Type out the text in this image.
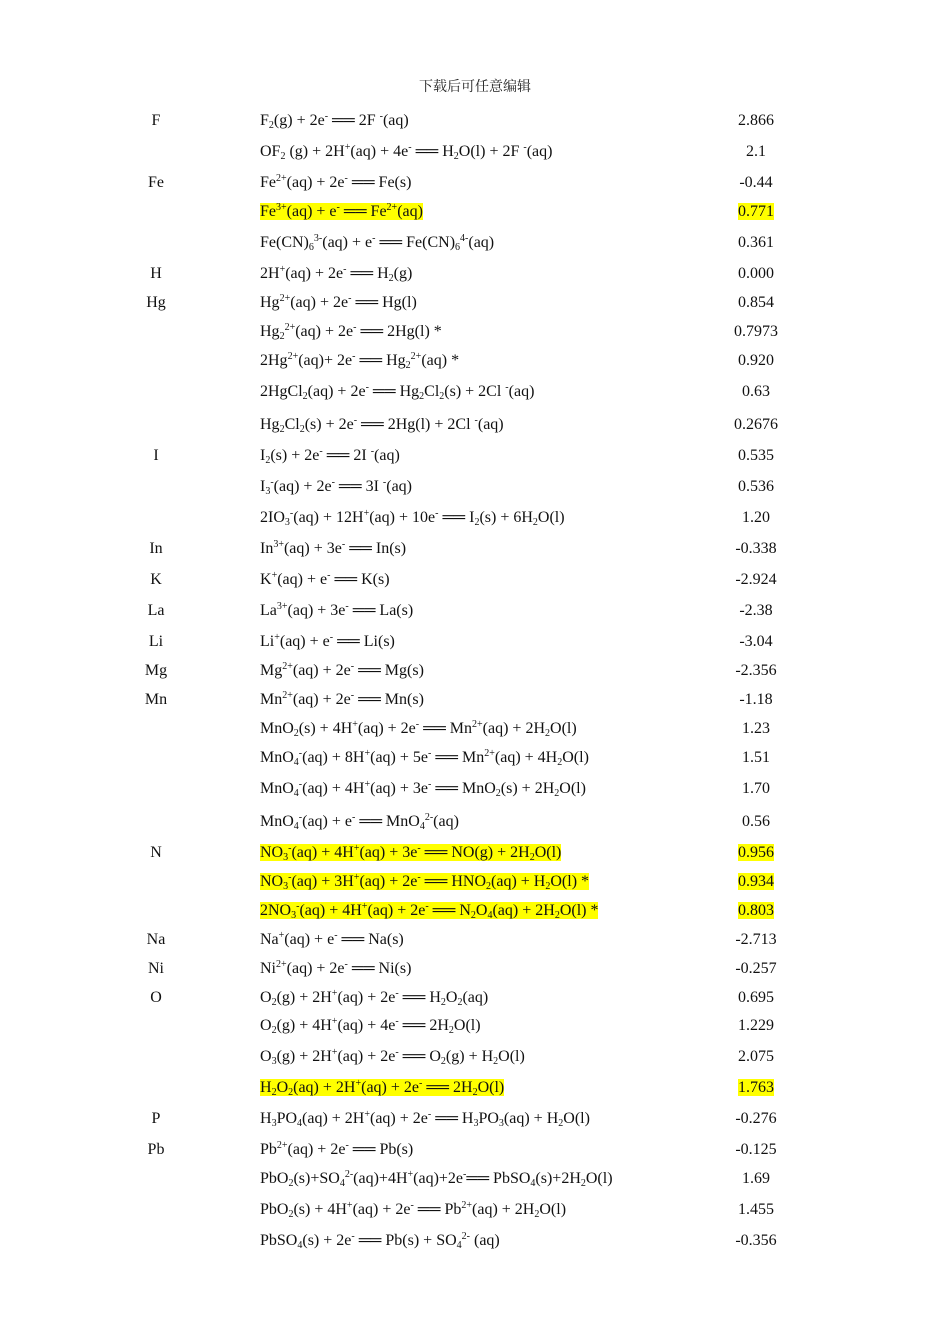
下载后可任意编辑
F	$F_2(g) + 2e^-$ ══ 2F -(aq)	2.866
$OF_2$ (g) + 2H+(aq) + 4e- ══ $H_2O(l) + 2F$ -(aq)	2.1
Fe	$Fe^{2+}(aq) + 2e^-$ ══ Fe(s)	-0.44
$Fe^{3+}(aq) + e^-$ ══ $Fe^{2+}(aq)$	0.771
$Fe(CN)_6^{3-}(aq) + e^-$ ══ $Fe(CN)_6^{4-}(aq)$	0.361
H	2H+(aq) + 2e- ══ $H_2(g)$	0.000
Hg	$Hg^{2+}(aq) + 2e^-$ ══ Hg(l)	0.854
$Hg_2^{2+}(aq) + 2e^-$ ══ 2Hg(l) *	0.7973
$2Hg^{2+}(aq)+ 2e^-$ ══ $Hg_2^{2+}(aq)$ *	0.920
2HgCl$_2$(aq) + 2e- ══ $Hg_2Cl_2(s) + 2Cl$ -(aq)	0.63
$Hg_2Cl_2(s) + 2e^-$ ══ 2Hg(l) + 2Cl -(aq)	0.2676
I	$I_2(s) + 2e^-$ ══ 2I -(aq)	0.535
$I_3^-(aq) + 2e^-$ ══ 3I -(aq)	0.536
$2IO_3^-(aq) + 12H^+(aq) + 10e^-$ ══ $I_2(s) + 6H_2O(l)$	1.20
In	$In^{3+}(aq) + 3e^-$ ══ In(s)	-0.338
K	K+(aq) + e- ══ K(s)	-2.924
La	$La^{3+}(aq) + 3e^-$ ══ La(s)	-2.38
Li	Li+(aq) + e- ══ Li(s)	-3.04
Mg	$Mg^{2+}(aq) + 2e^-$ ══ Mg(s)	-2.356
Mn	$Mn^{2+}(aq) + 2e^-$ ══ Mn(s)	-1.18
MnO$_2$(s) + 4H+(aq) + 2e- ══ $Mn^{2+}(aq) + 2H_2O(l)$	1.23
MnO$_4$-(aq) + 8H+(aq) + 5e- ══ $Mn^{2+}(aq) + 4H_2O(l)$	1.51
MnO$_4$-(aq) + 4H+(aq) + 3e- ══ $MnO_2(s) + 2H_2O(l)$	1.70
MnO$_4$-(aq) + e- ══ MnO$_4^{2-}$(aq)	0.56
N	$NO_3^-(aq) + 4H^+(aq) + 3e^-$ ══ $NO(g) + 2H_2O(l)$	0.956
$NO_3^-(aq) + 3H^+(aq) + 2e^-$ ══ $HNO_2(aq) + H_2O(l)$ *	0.934
$2NO_3^-(aq) + 4H^+(aq) + 2e^-$ ══ $N_2O_4(aq) + 2H_2O(l)$ *	0.803
Na	Na+(aq) + e- ══ Na(s)	-2.713
Ni	$Ni^{2+}(aq) + 2e^-$ ══ Ni(s)	-0.257
O	$O_2(g) + 2H^+(aq) + 2e^-$ ══ $H_2O_2(aq)$	0.695
$O_2(g) + 4H^+(aq) + 4e^-$ ══ $2H_2O(l)$	1.229
$O_3(g) + 2H^+(aq) + 2e^-$ ══ $O_2(g) + H_2O(l)$	2.075
$H_2O_2(aq) + 2H^+(aq) + 2e^-$ ══ $2H_2O(l)$	1.763
P	$H_3PO_4(aq) + 2H^+(aq) + 2e^-$ ══ $H_3PO_3(aq) + H_2O(l)$	-0.276
Pb	$Pb^{2+}(aq) + 2e^-$ ══ Pb(s)	-0.125
$PbO_2(s)+SO_4^{2-}(aq)+4H^+(aq)+2e^-══$ $PbSO_4(s)+2H_2O(l)$	1.69
PbO$_2$(s) + 4H+(aq) + 2e- ══ $Pb^{2+}(aq) + 2H_2O(l)$	1.455
PbSO$_4$(s) + 2e- ══ $Pb(s) + SO_4^{2-}$ (aq)	-0.356
